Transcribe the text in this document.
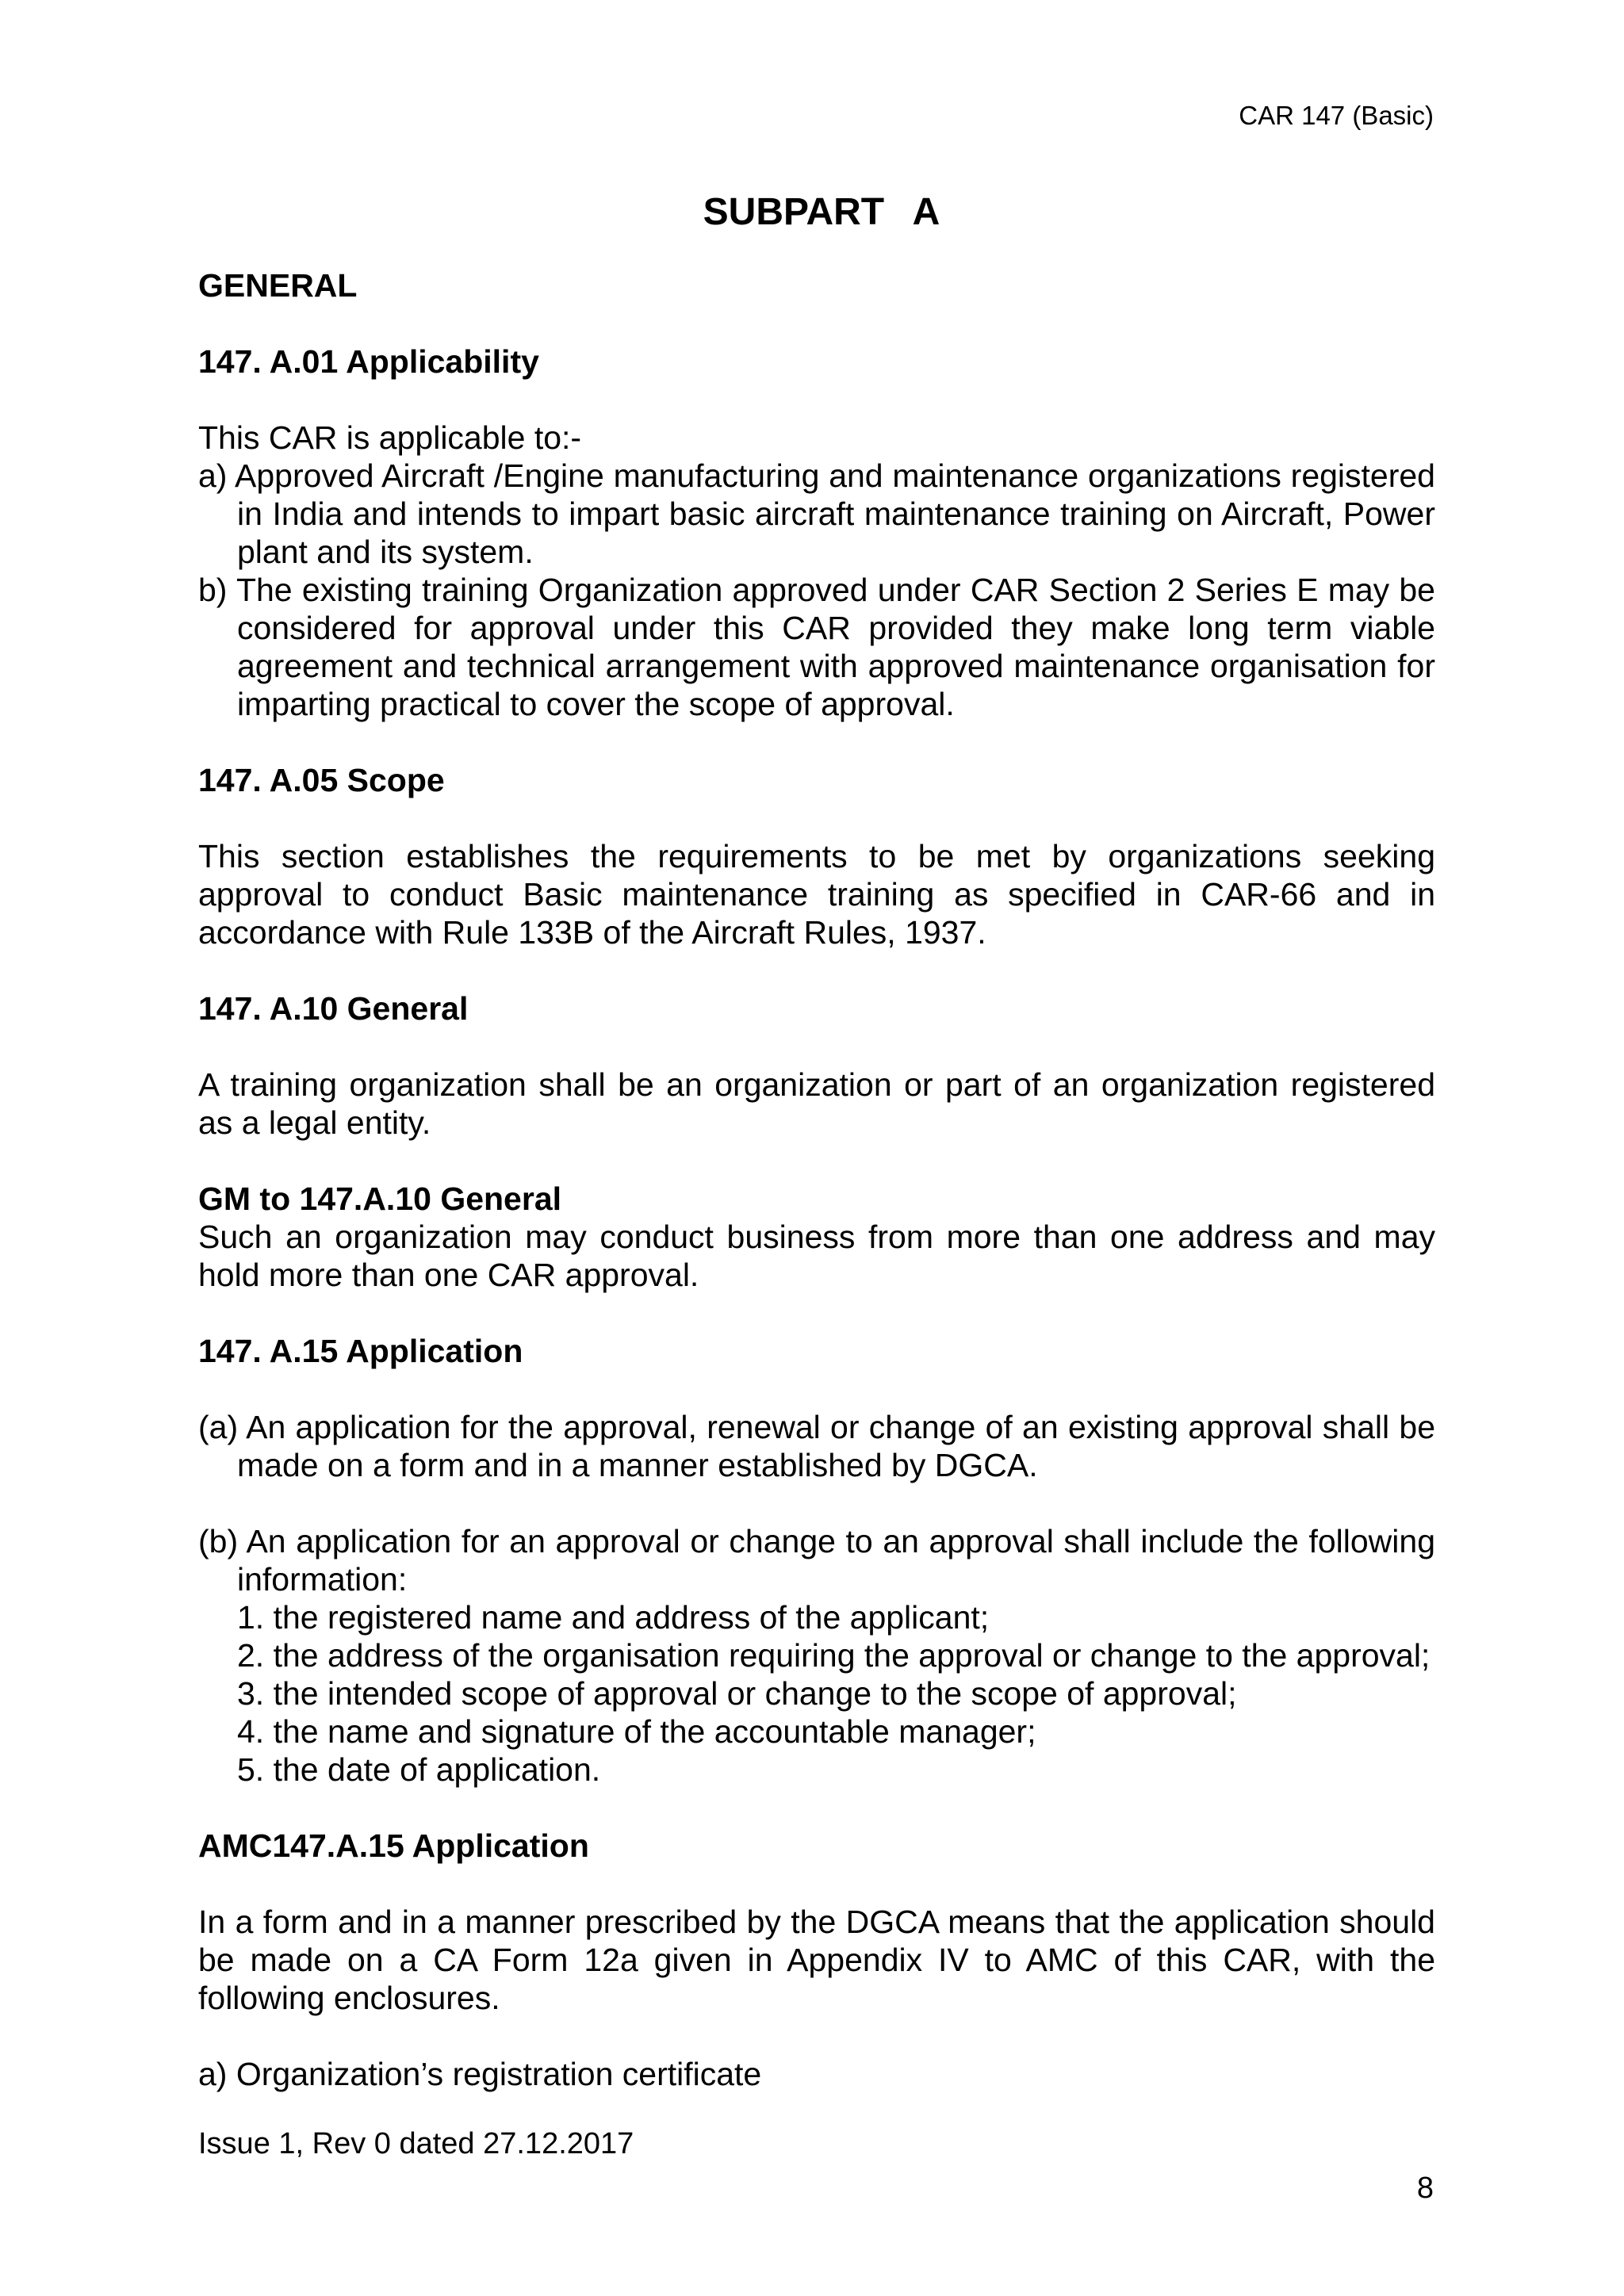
CAR 147 (Basic)
SUBPART A
GENERAL
147. A.01 Applicability
This CAR is applicable to:-
a) Approved Aircraft /Engine manufacturing and maintenance organizations registered in India and intends to impart basic aircraft maintenance training on Aircraft, Power plant and its system.
b) The existing training Organization approved under CAR Section 2 Series E may be considered for approval under this CAR provided they make long term viable agreement and technical arrangement with approved maintenance organisation for imparting practical to cover the scope of approval.
147. A.05 Scope
This section establishes the requirements to be met by organizations seeking approval to conduct Basic maintenance training as specified in CAR-66 and in accordance with Rule 133B of the Aircraft Rules, 1937.
147. A.10 General
A training organization shall be an organization or part of an organization registered as a legal entity.
GM to 147.A.10 General
Such an organization may conduct business from more than one address and may hold more than one CAR approval.
147. A.15 Application
(a) An application for the approval, renewal or change of an existing approval shall be made on a form and in a manner established by DGCA.
(b) An application for an approval or change to an approval shall include the following information:
1. the registered name and address of the applicant;
2. the address of the organisation requiring the approval or change to the approval;
3. the intended scope of approval or change to the scope of approval;
4. the name and signature of the accountable manager;
5. the date of application.
AMC147.A.15 Application
In a form and in a manner prescribed by the DGCA means that the application should be made on a CA Form 12a given in Appendix IV to AMC of this CAR, with the following enclosures.
a) Organization’s registration certificate
Issue 1, Rev 0 dated 27.12.2017
8
